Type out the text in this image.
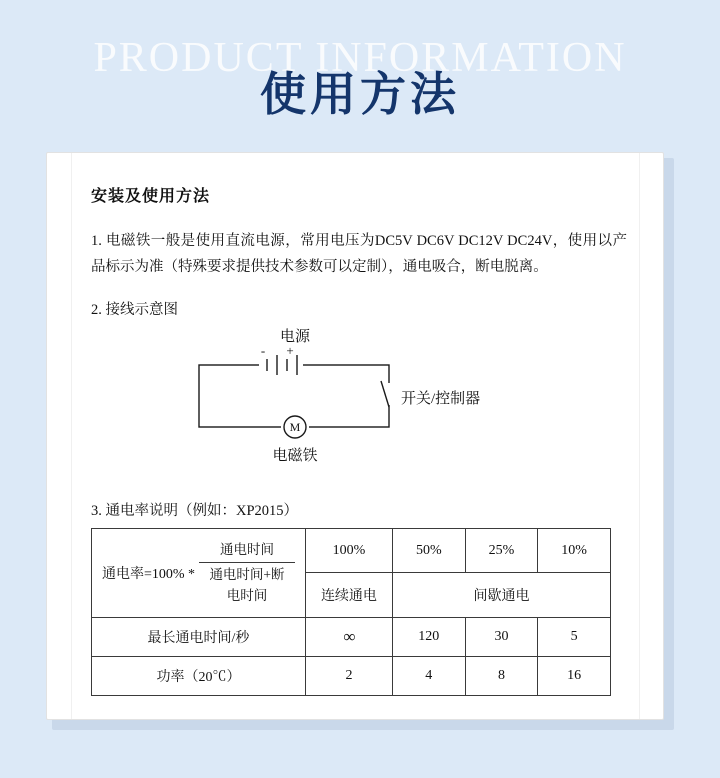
PRODUCT INFORMATION
使用方法
安装及使用方法

1. 电磁铁一般是使用直流电源，常用电压为DC5V DC6V DC12V DC24V，使用以产品标示为准（特殊要求提供技术参数可以定制），通电吸合，断电脱离。

2. 接线示意图

电源
- +
M
开关/控制器
电磁铁

3. 通电率说明（例如：XP2015）

通电率$=100\% * \frac{\text{通电时间}}{\text{通电时间+断电时间}}$	100%	50%	25%	10%
	连续通电	间歇通电		
最长通电时间/秒	∞	120	30	5
功率（20℃）	2	4	8	16
